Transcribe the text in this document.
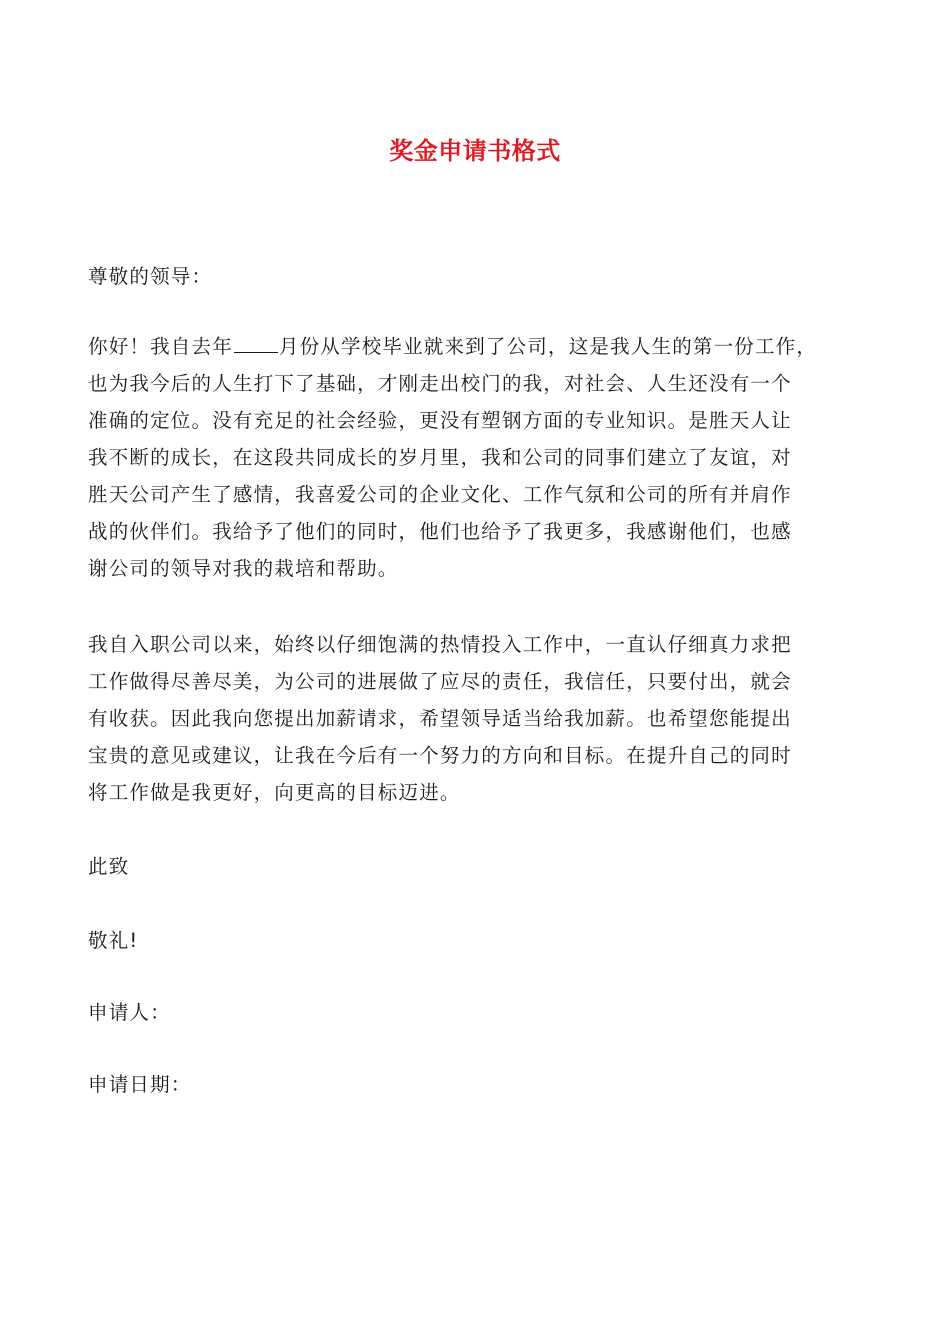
奖金申请书格式
尊敬的领导：
你好！我自去年 月份从学校毕业就来到了公司，这是我人生的第一份工作，
也为我今后的人生打下了基础，才刚走出校门的我，对社会、人生还没有一个
准确的定位。没有充足的社会经验，更没有塑钢方面的专业知识。是胜天人让
我不断的成长，在这段共同成长的岁月里，我和公司的同事们建立了友谊，对
胜天公司产生了感情，我喜爱公司的企业文化、工作气氛和公司的所有并肩作
战的伙伴们。我给予了他们的同时，他们也给予了我更多，我感谢他们，也感
谢公司的领导对我的栽培和帮助。
我自入职公司以来，始终以仔细饱满的热情投入工作中，一直认仔细真力求把
工作做得尽善尽美，为公司的进展做了应尽的责任，我信任，只要付出，就会
有收获。因此我向您提出加薪请求，希望领导适当给我加薪。也希望您能提出
宝贵的意见或建议，让我在今后有一个努力的方向和目标。在提升自己的同时
将工作做是我更好，向更高的目标迈进。
此致
敬礼!
申请人：
申请日期：
